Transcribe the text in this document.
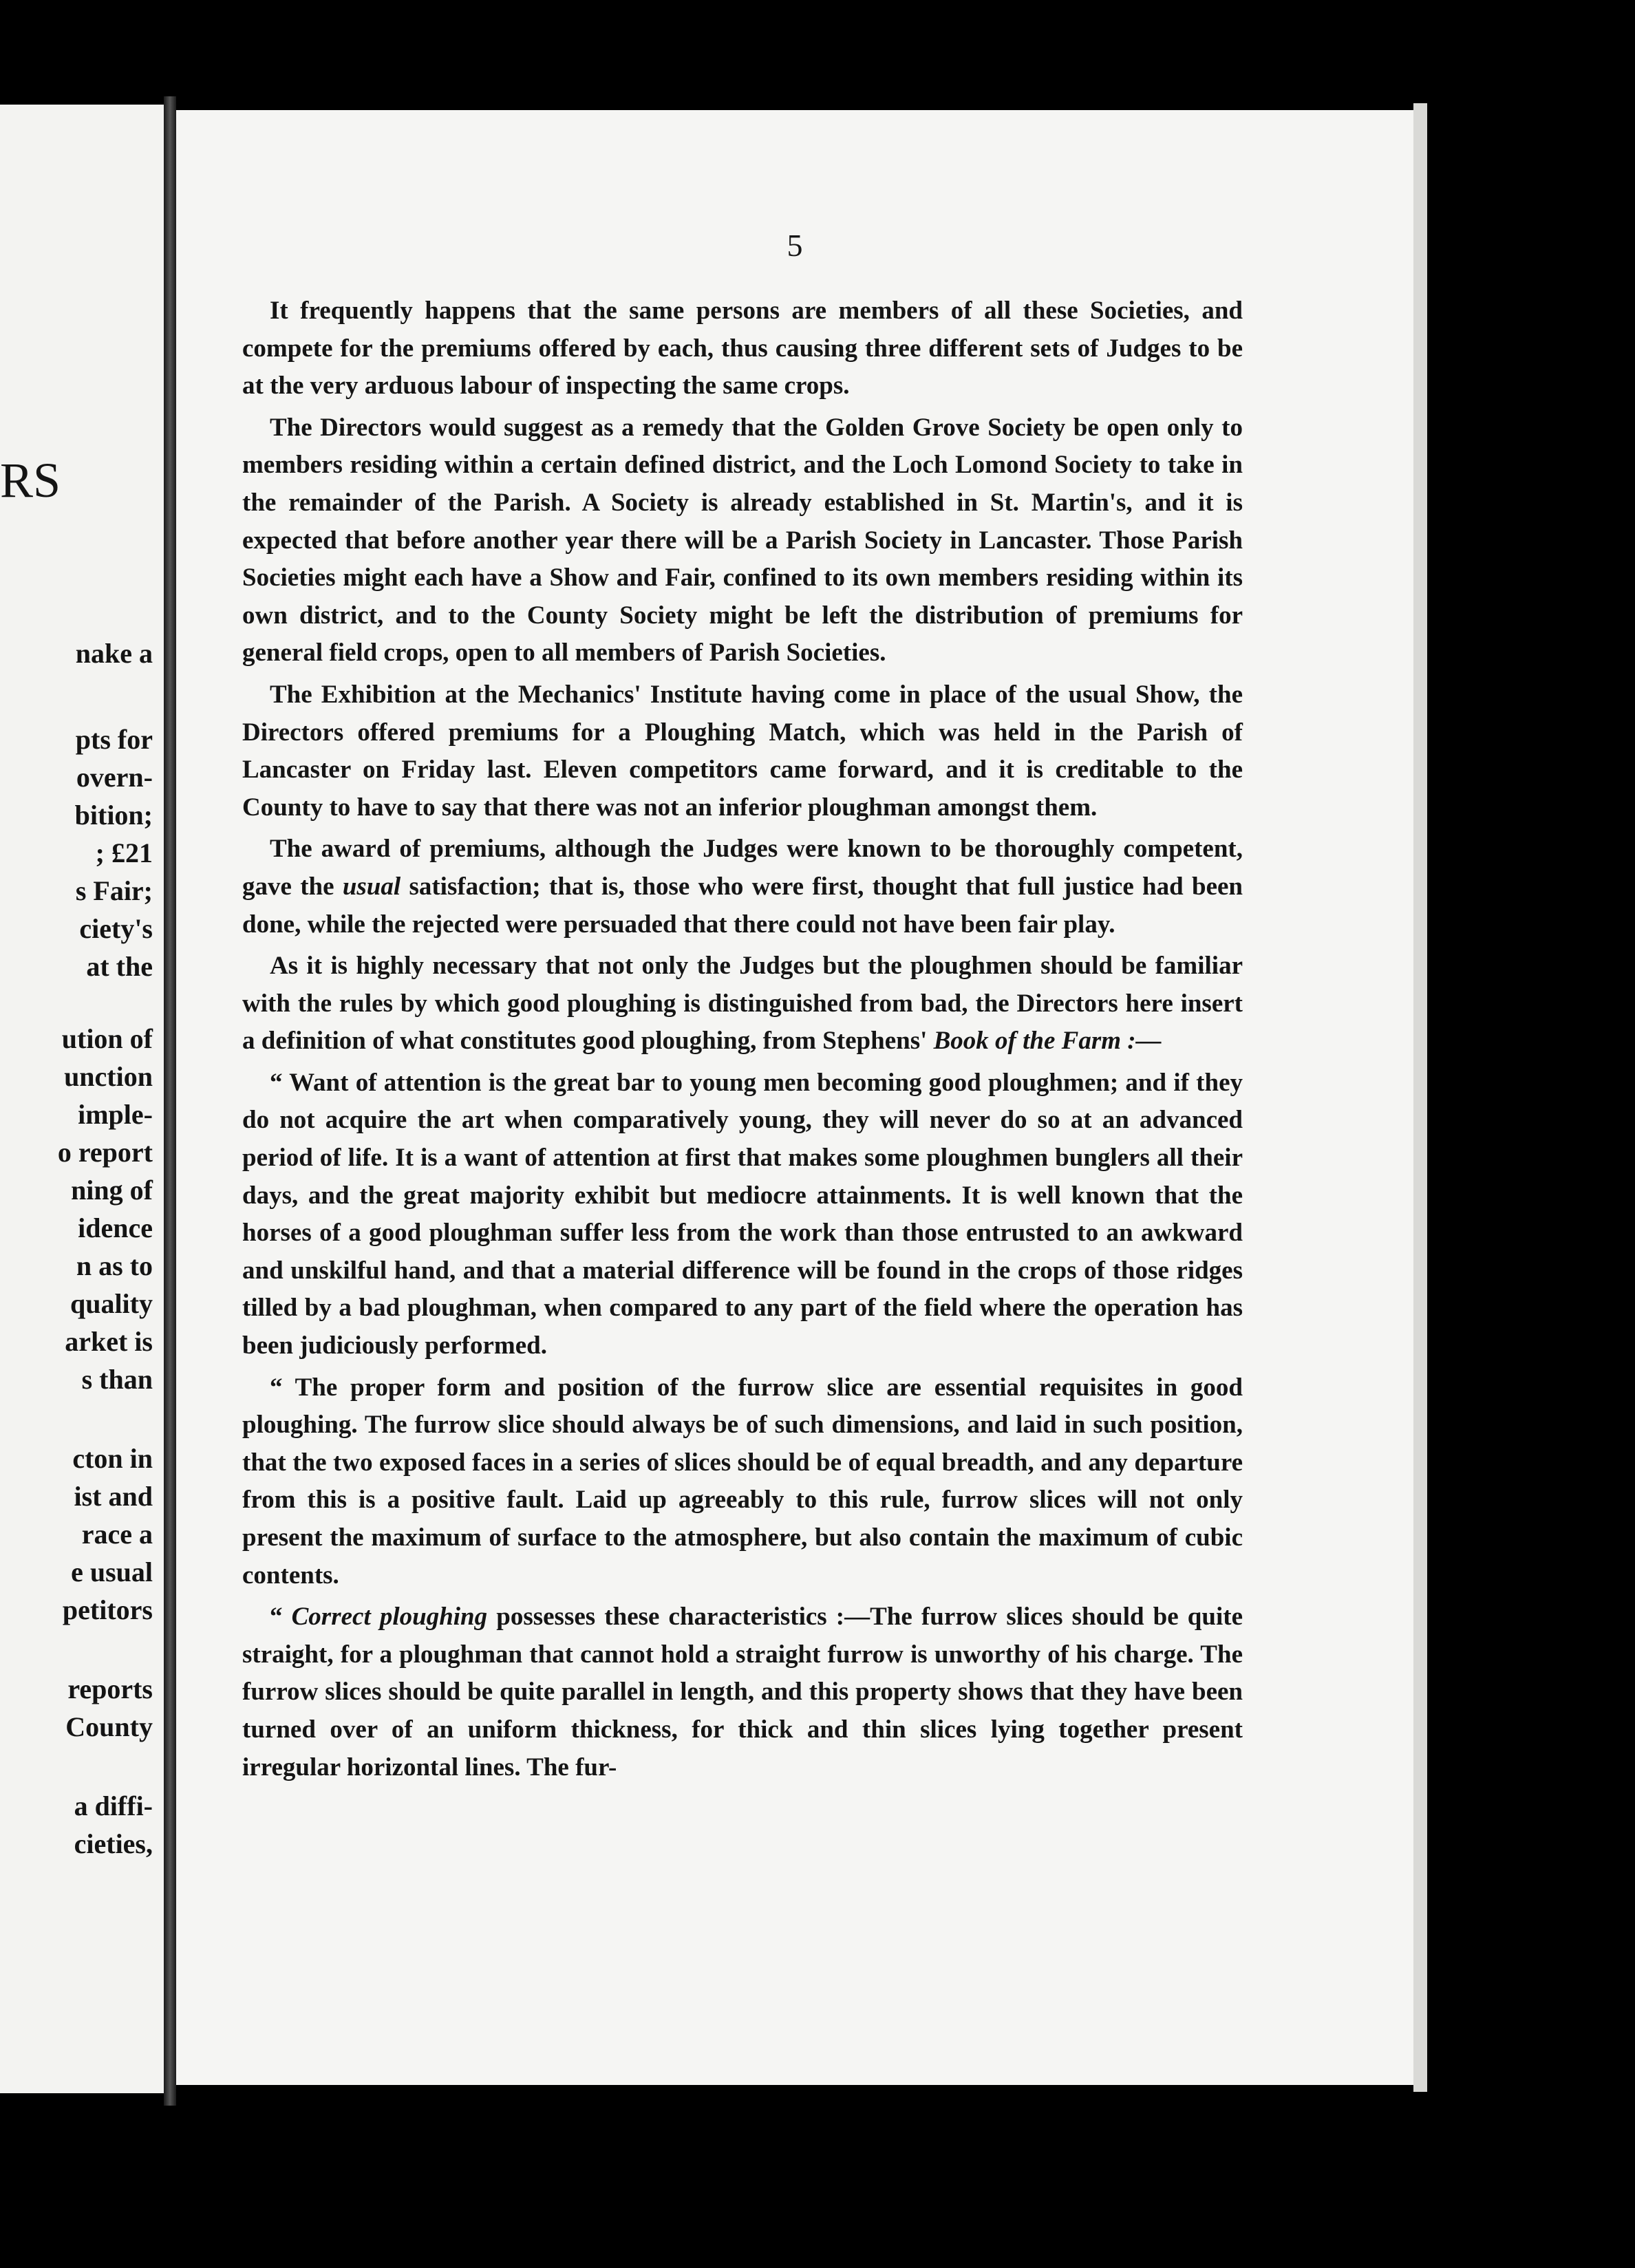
RS
nake a
pts for
overn-
bition;
; £21
s Fair;
ciety's
at the
ution of
unction
imple-
o report
ning of
idence
n as to
quality
arket is
s than
cton in
ist and
race a
e usual
petitors
reports
County
a diffi-
cieties,
5

It frequently happens that the same persons are members of all these Societies, and compete for the premiums offered by each, thus causing three different sets of Judges to be at the very arduous labour of inspecting the same crops.

The Directors would suggest as a remedy that the Golden Grove Society be open only to members residing within a certain defined district, and the Loch Lomond Society to take in the remainder of the Parish. A Society is already established in St. Martin's, and it is expected that before another year there will be a Parish Society in Lancaster. Those Parish Societies might each have a Show and Fair, confined to its own members residing within its own district, and to the County Society might be left the distribution of premiums for general field crops, open to all members of Parish Societies.

The Exhibition at the Mechanics' Institute having come in place of the usual Show, the Directors offered premiums for a Ploughing Match, which was held in the Parish of Lancaster on Friday last. Eleven competitors came forward, and it is creditable to the County to have to say that there was not an inferior ploughman amongst them.

The award of premiums, although the Judges were known to be thoroughly competent, gave the usual satisfaction; that is, those who were first, thought that full justice had been done, while the rejected were persuaded that there could not have been fair play.

As it is highly necessary that not only the Judges but the ploughmen should be familiar with the rules by which good ploughing is distinguished from bad, the Directors here insert a definition of what constitutes good ploughing, from Stephens' Book of the Farm :—

“ Want of attention is the great bar to young men becoming good ploughmen; and if they do not acquire the art when comparatively young, they will never do so at an advanced period of life. It is a want of attention at first that makes some ploughmen bunglers all their days, and the great majority exhibit but mediocre attainments. It is well known that the horses of a good ploughman suffer less from the work than those entrusted to an awkward and unskilful hand, and that a material difference will be found in the crops of those ridges tilled by a bad ploughman, when compared to any part of the field where the operation has been judiciously performed.

“ The proper form and position of the furrow slice are essential requisites in good ploughing. The furrow slice should always be of such dimensions, and laid in such position, that the two exposed faces in a series of slices should be of equal breadth, and any departure from this is a positive fault. Laid up agreeably to this rule, furrow slices will not only present the maximum of surface to the atmosphere, but also contain the maximum of cubic contents.

“ Correct ploughing possesses these characteristics :—The furrow slices should be quite straight, for a ploughman that cannot hold a straight furrow is unworthy of his charge. The furrow slices should be quite parallel in length, and this property shows that they have been turned over of an uniform thickness, for thick and thin slices lying together present irregular horizontal lines. The fur-
